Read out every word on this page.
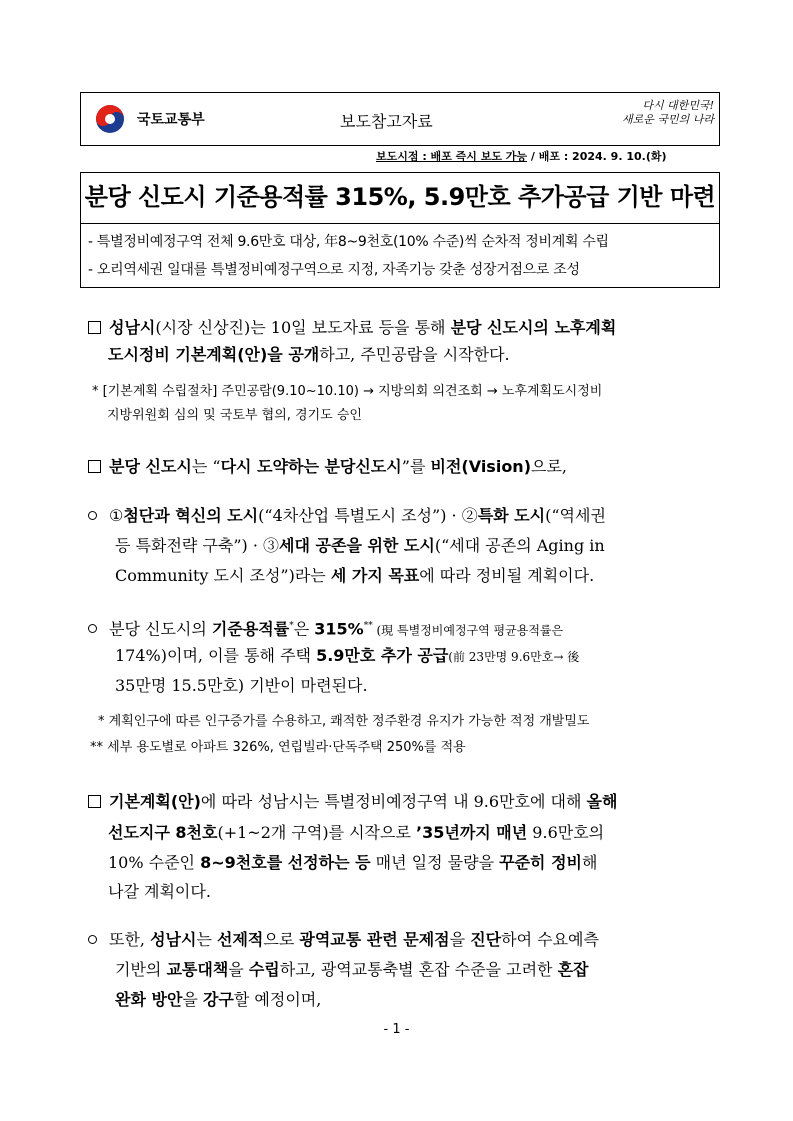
국토교통부	보도참고자료
다시 대한민국!
새로운 국민의 나라
보도시점 : 배포 즉시 보도 가능 / 배포 : 2024. 9. 10.(화)
분당 신도시 기준용적률 315%, 5.9만호 추가공급 기반 마련
- 특별정비예정구역 전체 9.6만호 대상, 年8~9천호(10% 수준)씩 순차적 정비계획 수립
- 오리역세권 일대를 특별정비예정구역으로 지정, 자족기능 갖춘 성장거점으로 조성
성남시(시장 신상진)는 10일 보도자료 등을 통해 분당 신도시의 노후계획
도시정비 기본계획(안)을 공개하고, 주민공람을 시작한다.
* [기본계획 수립절차] 주민공람(9.10~10.10) → 지방의회 의견조회 → 노후계획도시정비
지방위원회 심의 및 국토부 협의, 경기도 승인
분당 신도시는 “다시 도약하는 분당신도시”를 비전(Vision)으로,
①첨단과 혁신의 도시(“4차산업 특별도시 조성”) · ②특화 도시(“역세권
등 특화전략 구축”) · ③세대 공존을 위한 도시(“세대 공존의 Aging in
Community 도시 조성”)라는 세 가지 목표에 따라 정비될 계획이다.
분당 신도시의 기준용적률*은 315%** (現 특별정비예정구역 평균용적률은
174%)이며, 이를 통해 주택 5.9만호 추가 공급(前 23만명 9.6만호→ 後
35만명 15.5만호) 기반이 마련된다.
* 계획인구에 따른 인구증가를 수용하고, 쾌적한 정주환경 유지가 가능한 적정 개발밀도
** 세부 용도별로 아파트 326%, 연립빌라·단독주택 250%를 적용
기본계획(안)에 따라 성남시는 특별정비예정구역 내 9.6만호에 대해 올해
선도지구 8천호(+1~2개 구역)를 시작으로 ’35년까지 매년 9.6만호의
10% 수준인 8~9천호를 선정하는 등 매년 일정 물량을 꾸준히 정비해
나갈 계획이다.
또한, 성남시는 선제적으로 광역교통 관련 문제점을 진단하여 수요예측
기반의 교통대책을 수립하고, 광역교통축별 혼잡 수준을 고려한 혼잡
완화 방안을 강구할 예정이며,
- 1 -
